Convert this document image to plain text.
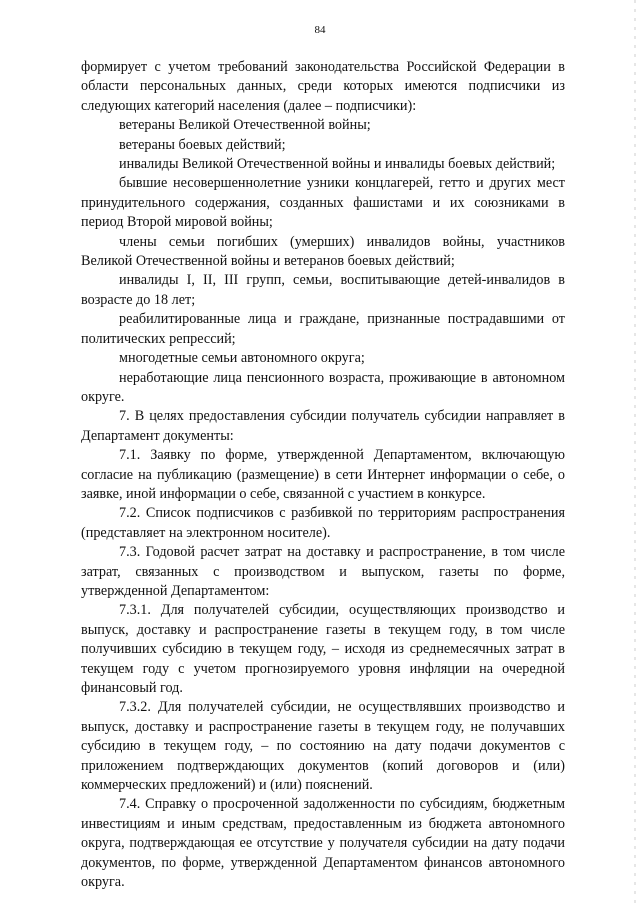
84

формирует с учетом требований законодательства Российской Федерации в области персональных данных, среди которых имеются подписчики из следующих категорий населения (далее – подписчики):

ветераны Великой Отечественной войны;

ветераны боевых действий;

инвалиды Великой Отечественной войны и инвалиды боевых действий;

бывшие несовершеннолетние узники концлагерей, гетто и других мест принудительного содержания, созданных фашистами и их союзниками в период Второй мировой войны;

члены семьи погибших (умерших) инвалидов войны, участников Великой Отечественной войны и ветеранов боевых действий;

инвалиды I, II, III групп, семьи, воспитывающие детей-инвалидов в возрасте до 18 лет;

реабилитированные лица и граждане, признанные пострадавшими от политических репрессий;

многодетные семьи автономного округа;

неработающие лица пенсионного возраста, проживающие в автономном округе.

7. В целях предоставления субсидии получатель субсидии направляет в Департамент документы:

7.1. Заявку по форме, утвержденной Департаментом, включающую согласие на публикацию (размещение) в сети Интернет информации о себе, о заявке, иной информации о себе, связанной с участием в конкурсе.

7.2. Список подписчиков с разбивкой по территориям распространения (представляет на электронном носителе).

7.3. Годовой расчет затрат на доставку и распространение, в том числе затрат, связанных с производством и выпуском, газеты по форме, утвержденной Департаментом:

7.3.1. Для получателей субсидии, осуществляющих производство и выпуск, доставку и распространение газеты в текущем году, в том числе получивших субсидию в текущем году, – исходя из среднемесячных затрат в текущем году с учетом прогнозируемого уровня инфляции на очередной финансовый год.

7.3.2. Для получателей субсидии, не осуществлявших производство и выпуск, доставку и распространение газеты в текущем году, не получавших субсидию в текущем году, – по состоянию на дату подачи документов с приложением подтверждающих документов (копий договоров и (или) коммерческих предложений) и (или) пояснений.

7.4. Справку о просроченной задолженности по субсидиям, бюджетным инвестициям и иным средствам, предоставленным из бюджета автономного округа, подтверждающая ее отсутствие у получателя субсидии на дату подачи документов, по форме, утвержденной Департаментом финансов автономного округа.
